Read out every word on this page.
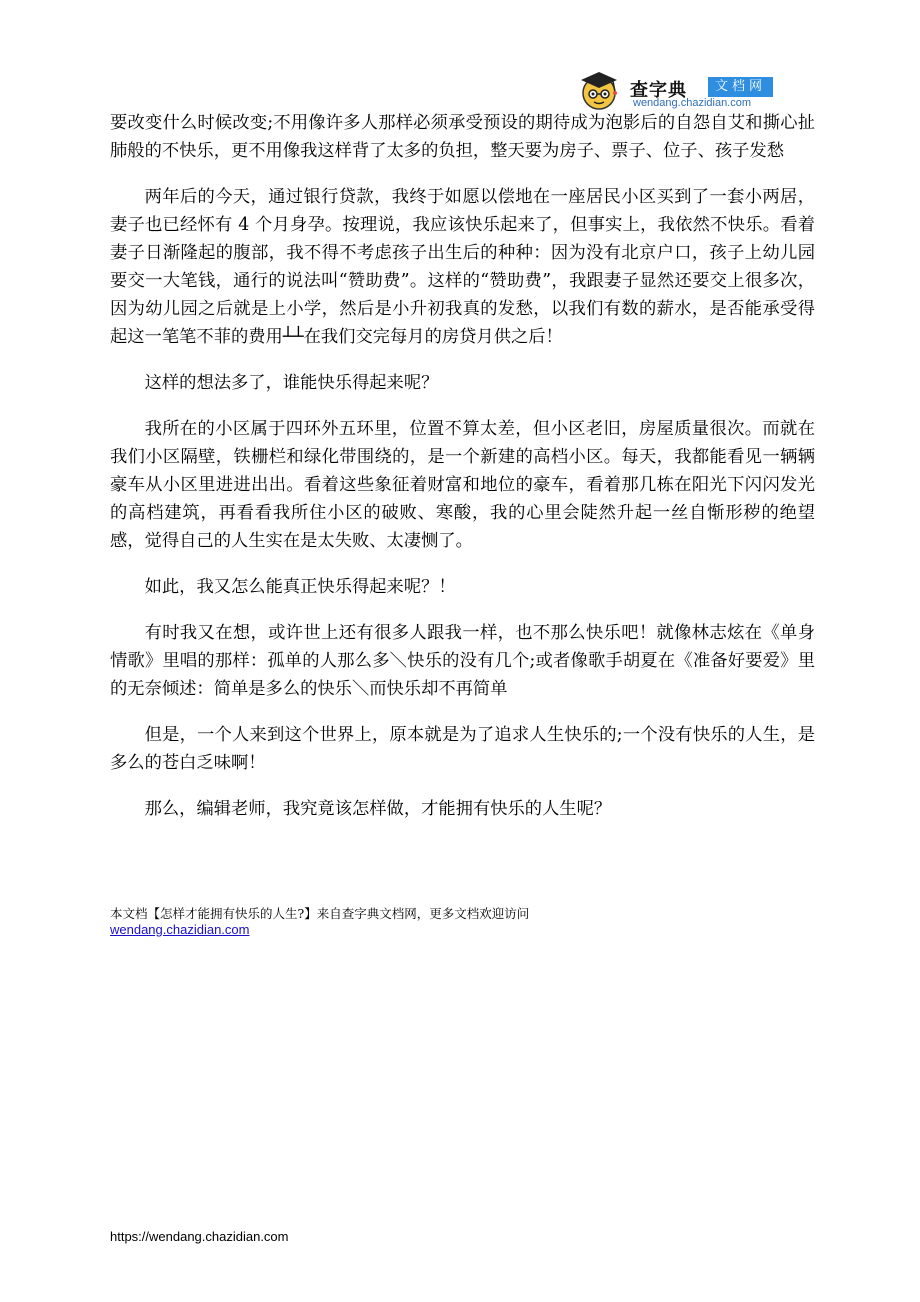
查字典	文档网
wendang.chazidian.com

要改变什么时候改变;不用像许多人那样必须承受预设的期待成为泡影后的自怨自艾和撕心扯肺般的不快乐，更不用像我这样背了太多的负担，整天要为房子、票子、位子、孩子发愁

两年后的今天，通过银行贷款，我终于如愿以偿地在一座居民小区买到了一套小两居，妻子也已经怀有 4 个月身孕。按理说，我应该快乐起来了，但事实上，我依然不快乐。看着妻子日渐隆起的腹部，我不得不考虑孩子出生后的种种：因为没有北京户口，孩子上幼儿园要交一大笔钱，通行的说法叫“赞助费”。这样的“赞助费”，我跟妻子显然还要交上很多次，因为幼儿园之后就是上小学，然后是小升初我真的发愁，以我们有数的薪水，是否能承受得起这一笔笔不菲的费用┴┴在我们交完每月的房贷月供之后！

这样的想法多了，谁能快乐得起来呢？

我所在的小区属于四环外五环里，位置不算太差，但小区老旧，房屋质量很次。而就在我们小区隔壁，铁栅栏和绿化带围绕的，是一个新建的高档小区。每天，我都能看见一辆辆豪车从小区里进进出出。看着这些象征着财富和地位的豪车，看着那几栋在阳光下闪闪发光的高档建筑，再看看我所住小区的破败、寒酸，我的心里会陡然升起一丝自惭形秽的绝望感，觉得自己的人生实在是太失败、太凄恻了。

如此，我又怎么能真正快乐得起来呢？！

有时我又在想，或许世上还有很多人跟我一样，也不那么快乐吧！就像林志炫在《单身情歌》里唱的那样：孤单的人那么多＼快乐的没有几个;或者像歌手胡夏在《准备好要爱》里的无奈倾述：简单是多么的快乐＼而快乐却不再简单

但是，一个人来到这个世界上，原本就是为了追求人生快乐的;一个没有快乐的人生，是多么的苍白乏味啊！

那么，编辑老师，我究竟该怎样做，才能拥有快乐的人生呢？

本文档【怎样才能拥有快乐的人生?】来自查字典文档网，更多文档欢迎访问
wendang.chazidian.com
https://wendang.chazidian.com
